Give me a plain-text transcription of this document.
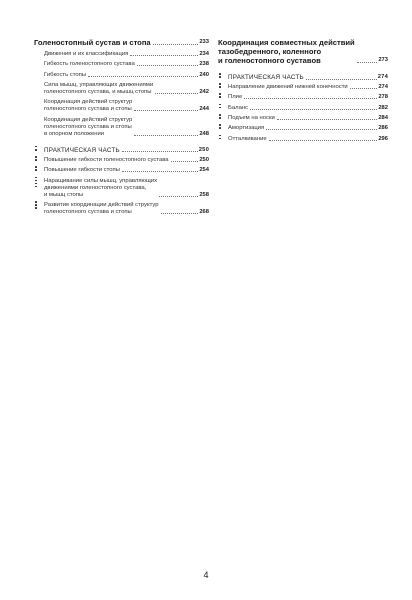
Голеностопный сустав и стопа	233
Движения и их классификация	234
Гибкость голеностопного сустава	238
Гибкость стопы	240
Сила мышц, управляющих движениями
голеностопного сустава, и мышц стопы	242
Координация действий структур
голеностопного сустава и стопы	244
Координация действий структур
голеностопного сустава и стопы
в опорном положении	248
ПРАКТИЧЕСКАЯ ЧАСТЬ	250
Повышение гибкости голеностопного сустава	250
Повышение гибкости стопы	254
Наращивание силы мышц, управляющих
движениями голеностопного сустава,
и мышц стопы	258
Развитие координации действий структур
голеностопного сустава и стопы	268
Координация совместных действий
тазобедренного, коленного
и голеностопного суставов	273
ПРАКТИЧЕСКАЯ ЧАСТЬ	274
Направление движений нижней конечности	274
Плие	278
Баланс	282
Подъем на носки	284
Амортизация	286
Отталкивание	296
4
